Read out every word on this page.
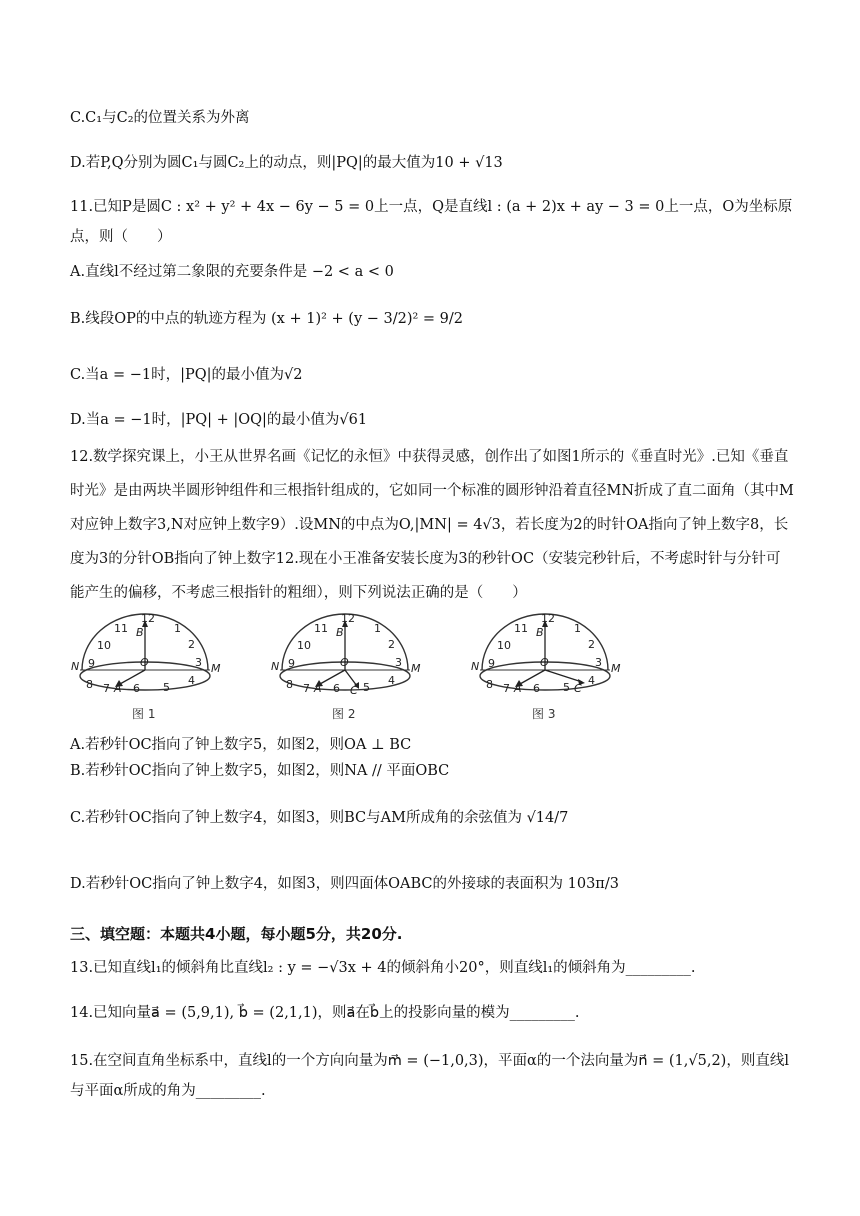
C.C₁与C₂的位置关系为外离
D.若P,Q分别为圆C₁与圆C₂上的动点，则|PQ|的最大值为10 + √13
11.已知P是圆C : x² + y² + 4x − 6y − 5 = 0上一点，Q是直线l : (a + 2)x + ay − 3 = 0上一点，O为坐标原点，则（　　）
A.直线l不经过第二象限的充要条件是 −2 < a < 0
B.线段OP的中点的轨迹方程为 (x + 1)² + (y − 3/2)² = 9/2
C.当a = −1时，|PQ|的最小值为√2
D.当a = −1时，|PQ| + |OQ|的最小值为√61
12.数学探究课上，小王从世界名画《记忆的永恒》中获得灵感，创作出了如图1所示的《垂直时光》.已知《垂直时光》是由两块半圆形钟组件和三根指针组成的，它如同一个标准的圆形钟沿着直径MN折成了直二面角（其中M对应钟上数字3,N对应钟上数字9）.设MN的中点为O,|MN| = 4√3，若长度为2的时针OA指向了钟上数字8，长度为3的分针OB指向了钟上数字12.现在小王准备安装长度为3的秒针OC（安装完秒针后，不考虑时针与分针可能产生的偏移，不考虑三根指针的粗细），则下列说法正确的是（　　）
12
1
2
3
4
5
6
7
8
9
10
11
N	M
O
B
A
图 1
12
1
2
3
4
5
6
7
8
9
10
11
N	M
O
B
A	C
图 2
12
1
2
3
4
5
6
7
8
9
10
11
N	M
O
B
A	C
图 3
A.若秒针OC指向了钟上数字5，如图2，则OA ⊥ BC
B.若秒针OC指向了钟上数字5，如图2，则NA // 平面OBC
C.若秒针OC指向了钟上数字4，如图3，则BC与AM所成角的余弦值为 √14/7
D.若秒针OC指向了钟上数字4，如图3，则四面体OABC的外接球的表面积为 103π/3
三、填空题：本题共4小题，每小题5分，共20分.
13.已知直线l₁的倾斜角比直线l₂ : y = −√3x + 4的倾斜角小20°，则直线l₁的倾斜角为_________.
14.已知向量a⃗ = (5,9,1), b⃗ = (2,1,1)，则a⃗在b⃗上的投影向量的模为_________.
15.在空间直角坐标系中，直线l的一个方向向量为m⃗ = (−1,0,3)，平面α的一个法向量为n⃗ = (1,√5,2)，则直线l与平面α所成的角为_________.
